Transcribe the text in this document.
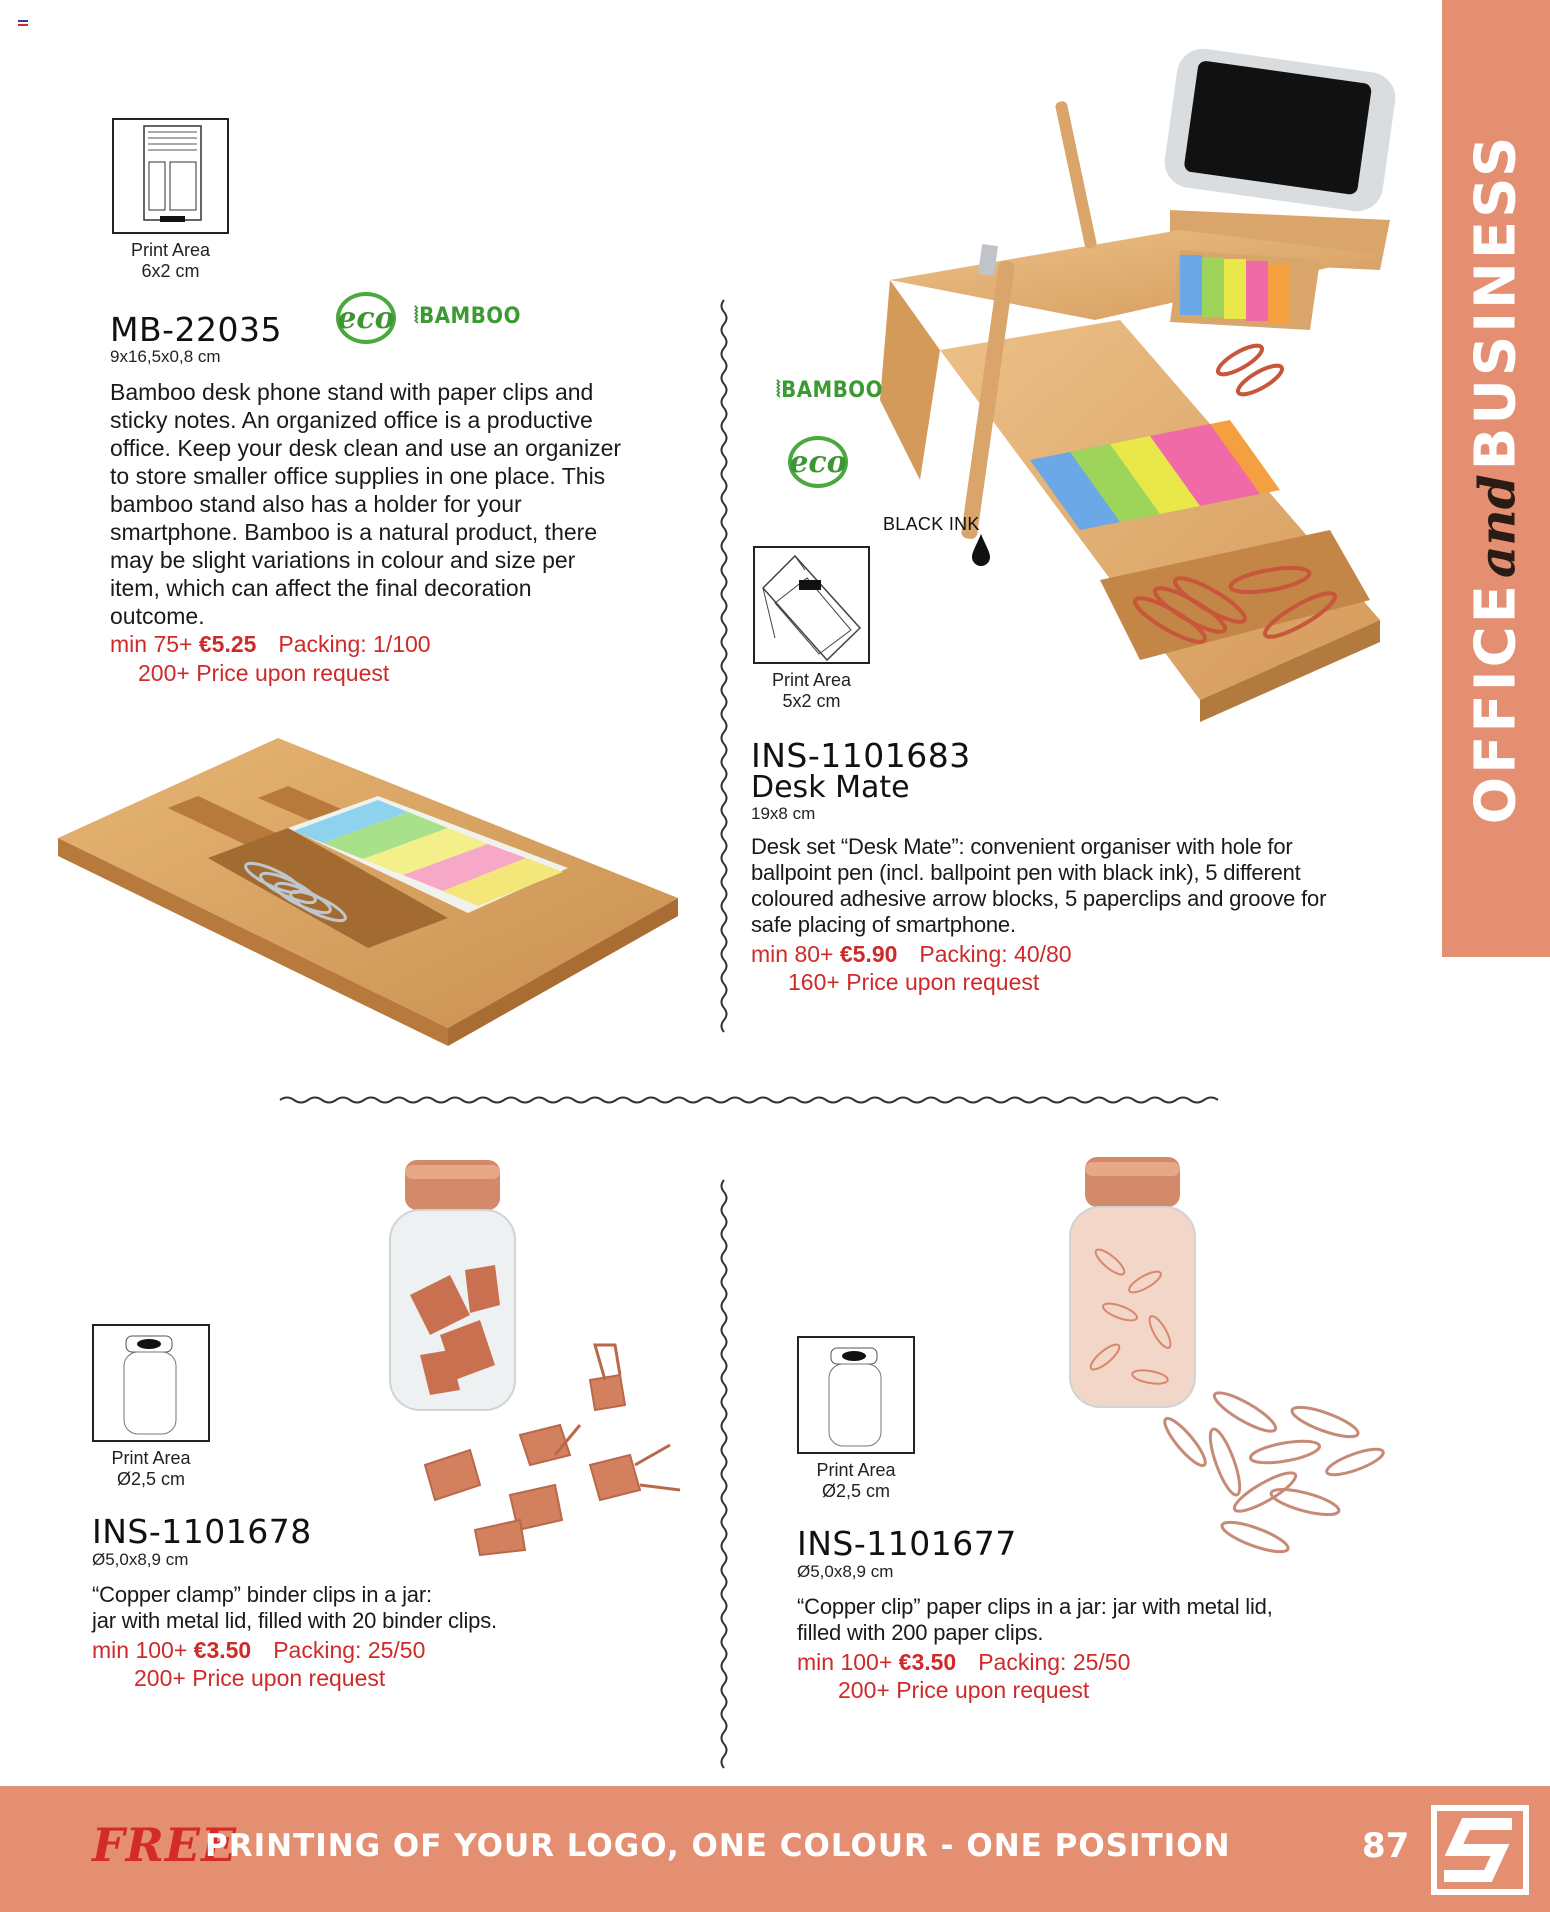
OFFICEandBUSINESS
Print Area
6x2 cm
eco ⦚BAMBOO
MB-22035
9x16,5x0,8 cm
Bamboo desk phone stand with paper clips and sticky notes. An organized office is a productive office. Keep your desk clean and use an organizer to store smaller office supplies in one place. This bamboo stand also has a holder for your smartphone. Bamboo is a natural product, there may be slight variations in colour and size per item, which can affect the final decoration outcome.
min 75+ €5.25 Packing: 1/100
200+ Price upon request
BLACK INK
⦚BAMBOO
eco
Print Area
5x2 cm
INS-1101683
Desk Mate
19x8 cm
Desk set “Desk Mate”: convenient organiser with hole for ballpoint pen (incl. ballpoint pen with black ink), 5 different coloured adhesive arrow blocks, 5 paperclips and groove for safe placing of smartphone.
min 80+ €5.90 Packing: 40/80
160+ Price upon request
Print Area
Ø2,5 cm
INS-1101678
Ø5,0x8,9 cm
“Copper clamp” binder clips in a jar:
jar with metal lid, filled with 20 binder clips.
min 100+ €3.50 Packing: 25/50
200+ Price upon request
Print Area
Ø2,5 cm
INS-1101677
Ø5,0x8,9 cm
“Copper clip” paper clips in a jar: jar with metal lid,
filled with 200 paper clips.
min 100+ €3.50 Packing: 25/50
200+ Price upon request
FREE
PRINTING OF YOUR LOGO, ONE COLOUR - ONE POSITION	87
